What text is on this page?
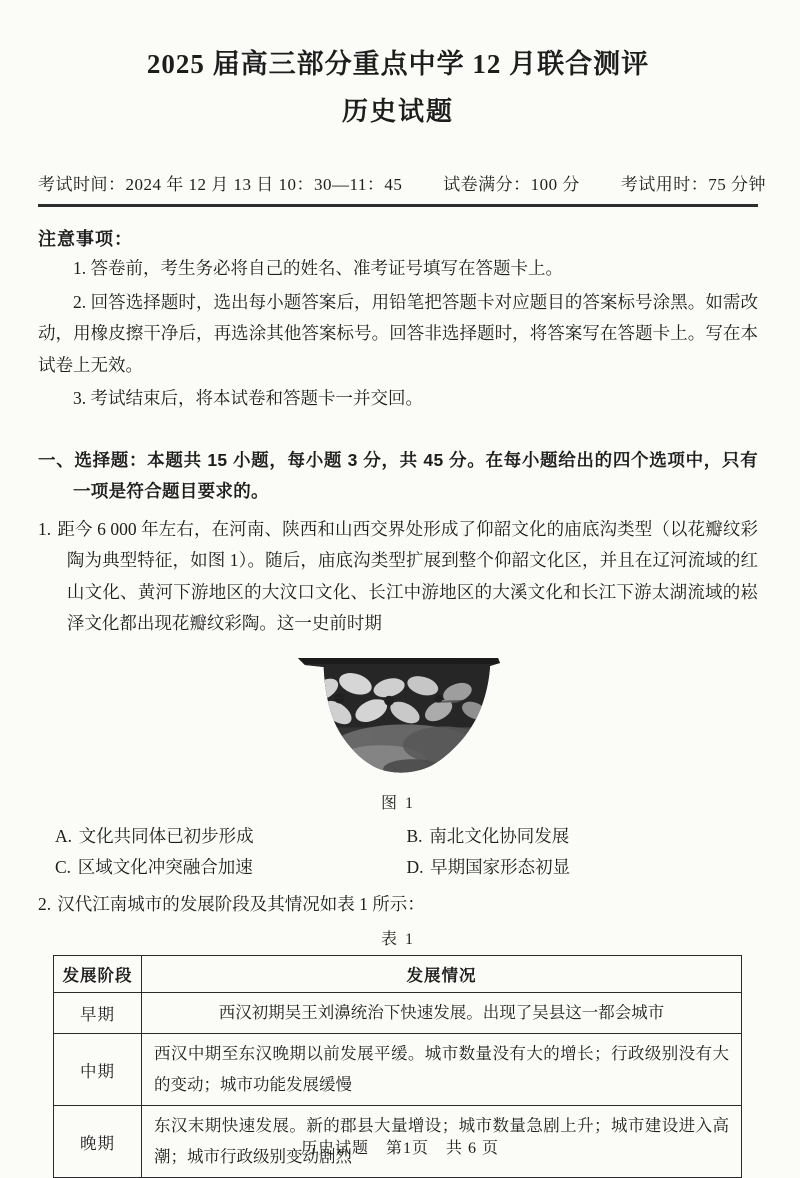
2025 届高三部分重点中学 12 月联合测评
历史试题
考试时间：2024 年 12 月 13 日 10：30—11：45 试卷满分：100 分 考试用时：75 分钟

注意事项：

1. 答卷前，考生务必将自己的姓名、准考证号填写在答题卡上。

2. 回答选择题时，选出每小题答案后，用铅笔把答题卡对应题目的答案标号涂黑。如需改动，用橡皮擦干净后，再选涂其他答案标号。回答非选择题时，将答案写在答题卡上。写在本试卷上无效。

3. 考试结束后，将本试卷和答题卡一并交回。

一、选择题：本题共 15 小题，每小题 3 分，共 45 分。在每小题给出的四个选项中，只有一项是符合题目要求的。

1. 距今 6 000 年左右，在河南、陕西和山西交界处形成了仰韶文化的庙底沟类型（以花瓣纹彩陶为典型特征，如图 1）。随后，庙底沟类型扩展到整个仰韶文化区，并且在辽河流域的红山文化、黄河下游地区的大汶口文化、长江中游地区的大溪文化和长江下游太湖流域的崧泽文化都出现花瓣纹彩陶。这一史前时期

图 1
A. 文化共同体已初步形成	B. 南北文化协同发展
C. 区域文化冲突融合加速	D. 早期国家形态初显

2. 汉代江南城市的发展阶段及其情况如表 1 所示：

表 1

发展阶段	发展情况
早期	西汉初期吴王刘濞统治下快速发展。出现了吴县这一都会城市
中期	西汉中期至东汉晚期以前发展平缓。城市数量没有大的增长；行政级别没有大的变动；城市功能发展缓慢
晚期	东汉末期快速发展。新的郡县大量增设；城市数量急剧上升；城市建设进入高潮；城市行政级别变动剧烈
历史试题　第1页　共 6 页
